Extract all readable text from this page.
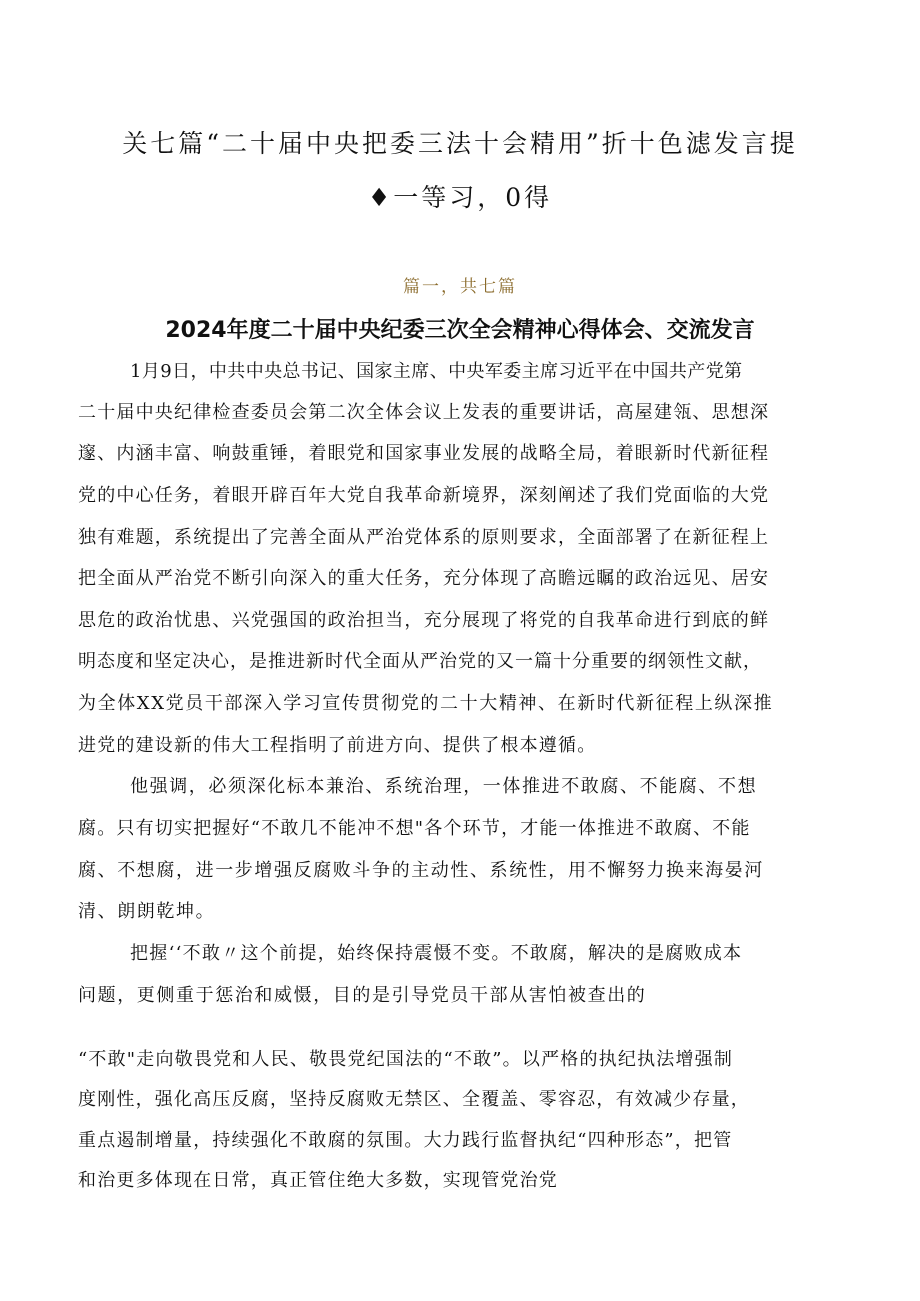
关七篇“二十届中央把委三法十会精用”折十色滤发言提
♦一等习，0得
篇一，共七篇
2024年度二十届中央纪委三次全会精神心得体会、交流发言
1月9日，中共中央总书记、国家主席、中央军委主席习近平在中国共产党第
二十届中央纪律检查委员会第二次全体会议上发表的重要讲话，高屋建瓴、思想深
邃、内涵丰富、响鼓重锤，着眼党和国家事业发展的战略全局，着眼新时代新征程
党的中心任务，着眼开辟百年大党自我革命新境界，深刻阐述了我们党面临的大党
独有难题，系统提出了完善全面从严治党体系的原则要求，全面部署了在新征程上
把全面从严治党不断引向深入的重大任务，充分体现了高瞻远瞩的政治远见、居安
思危的政治忧患、兴党强国的政治担当，充分展现了将党的自我革命进行到底的鲜
明态度和坚定决心，是推进新时代全面从严治党的又一篇十分重要的纲领性文献，
为全体XX党员干部深入学习宣传贯彻党的二十大精神、在新时代新征程上纵深推
进党的建设新的伟大工程指明了前进方向、提供了根本遵循。
他强调，必须深化标本兼治、系统治理，一体推进不敢腐、不能腐、不想
腐。只有切实把握好“不敢几不能冲不想"各个环节，才能一体推进不敢腐、不能
腐、不想腐，进一步增强反腐败斗争的主动性、系统性，用不懈努力换来海晏河
清、朗朗乾坤。
把握‘‘不敢〃这个前提，始终保持震慑不变。不敢腐，解决的是腐败成本
问题，更侧重于惩治和威慑，目的是引导党员干部从害怕被查出的
“不敢"走向敬畏党和人民、敬畏党纪国法的“不敢”。以严格的执纪执法增强制
度刚性，强化高压反腐，坚持反腐败无禁区、全覆盖、零容忍，有效减少存量，
重点遏制增量，持续强化不敢腐的氛围。大力践行监督执纪“四种形态”，把管
和治更多体现在日常，真正管住绝大多数，实现管党治党
